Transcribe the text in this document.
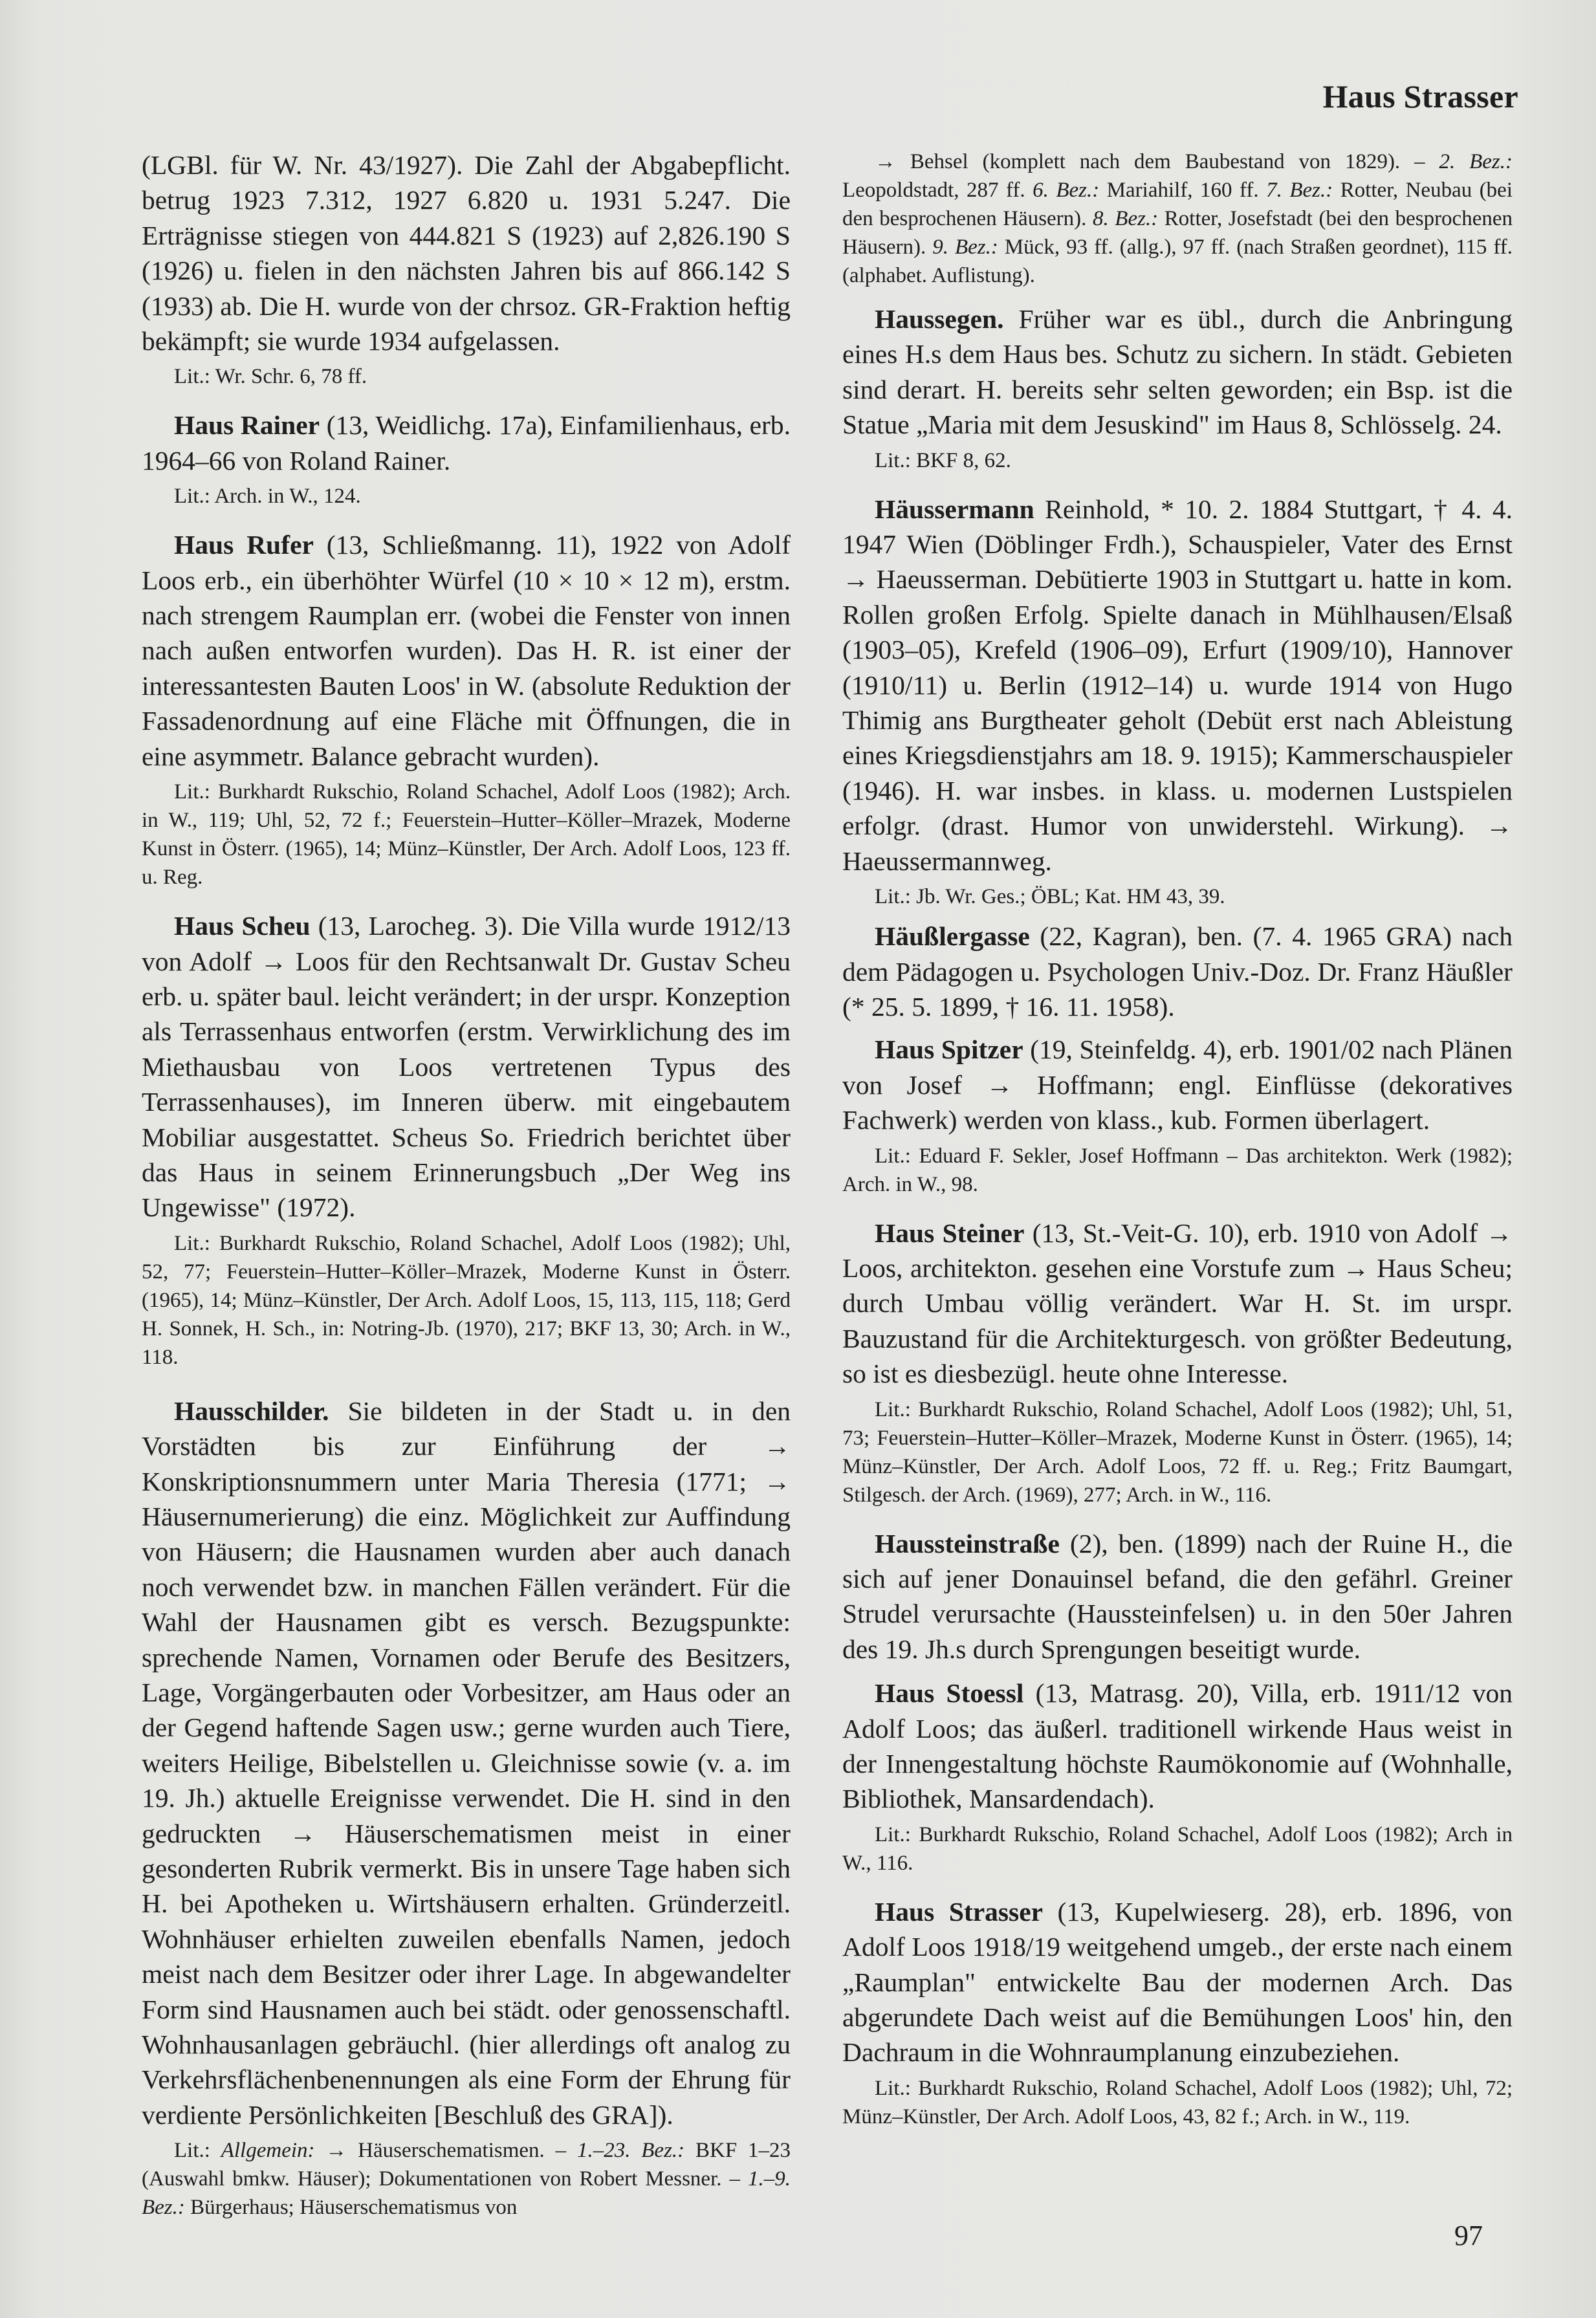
Haus Strasser

(LGBl. für W. Nr. 43/1927). Die Zahl der Abgabepflicht. betrug 1923 7.312, 1927 6.820 u. 1931 5.247. Die Erträgnisse stiegen von 444.821 S (1923) auf 2,826.190 S (1926) u. fielen in den nächsten Jahren bis auf 866.142 S (1933) ab. Die H. wurde von der chrsoz. GR-Fraktion heftig bekämpft; sie wurde 1934 aufgelassen.

Lit.: Wr. Schr. 6, 78 ff.

Haus Rainer (13, Weidlichg. 17a), Einfamilienhaus, erb. 1964–66 von Roland Rainer.

Lit.: Arch. in W., 124.

Haus Rufer (13, Schließmanng. 11), 1922 von Adolf Loos erb., ein überhöhter Würfel (10 × 10 × 12 m), erstm. nach strengem Raumplan err. (wobei die Fenster von innen nach außen entworfen wurden). Das H. R. ist einer der interessantesten Bauten Loos' in W. (absolute Reduktion der Fassadenordnung auf eine Fläche mit Öffnungen, die in eine asymmetr. Balance gebracht wurden).

Lit.: Burkhardt Rukschio, Roland Schachel, Adolf Loos (1982); Arch. in W., 119; Uhl, 52, 72 f.; Feuerstein–Hutter–Köller–Mrazek, Moderne Kunst in Österr. (1965), 14; Münz–Künstler, Der Arch. Adolf Loos, 123 ff. u. Reg.

Haus Scheu (13, Larocheg. 3). Die Villa wurde 1912/13 von Adolf → Loos für den Rechtsanwalt Dr. Gustav Scheu erb. u. später baul. leicht verändert; in der urspr. Konzeption als Terrassenhaus entworfen (erstm. Verwirklichung des im Miethausbau von Loos vertretenen Typus des Terrassenhauses), im Inneren überw. mit eingebautem Mobiliar ausgestattet. Scheus So. Friedrich berichtet über das Haus in seinem Erinnerungsbuch „Der Weg ins Ungewisse" (1972).

Lit.: Burkhardt Rukschio, Roland Schachel, Adolf Loos (1982); Uhl, 52, 77; Feuerstein–Hutter–Köller–Mrazek, Moderne Kunst in Österr. (1965), 14; Münz–Künstler, Der Arch. Adolf Loos, 15, 113, 115, 118; Gerd H. Sonnek, H. Sch., in: Notring-Jb. (1970), 217; BKF 13, 30; Arch. in W., 118.

Hausschilder. Sie bildeten in der Stadt u. in den Vorstädten bis zur Einführung der → Konskriptionsnummern unter Maria Theresia (1771; → Häusernumerierung) die einz. Möglichkeit zur Auffindung von Häusern; die Hausnamen wurden aber auch danach noch verwendet bzw. in manchen Fällen verändert. Für die Wahl der Hausnamen gibt es versch. Bezugspunkte: sprechende Namen, Vornamen oder Berufe des Besitzers, Lage, Vorgängerbauten oder Vorbesitzer, am Haus oder an der Gegend haftende Sagen usw.; gerne wurden auch Tiere, weiters Heilige, Bibelstellen u. Gleichnisse sowie (v. a. im 19. Jh.) aktuelle Ereignisse verwendet. Die H. sind in den gedruckten → Häuserschematismen meist in einer gesonderten Rubrik vermerkt. Bis in unsere Tage haben sich H. bei Apotheken u. Wirtshäusern erhalten. Gründerzeitl. Wohnhäuser erhielten zuweilen ebenfalls Namen, jedoch meist nach dem Besitzer oder ihrer Lage. In abgewandelter Form sind Hausnamen auch bei städt. oder genossenschaftl. Wohnhausanlagen gebräuchl. (hier allerdings oft analog zu Verkehrsflächenbenennungen als eine Form der Ehrung für verdiente Persönlichkeiten [Beschluß des GRA]).

Lit.: Allgemein: → Häuserschematismen. – 1.–23. Bez.: BKF 1–23 (Auswahl bmkw. Häuser); Dokumentationen von Robert Messner. – 1.–9. Bez.: Bürgerhaus; Häuserschematismus von

→ Behsel (komplett nach dem Baubestand von 1829). – 2. Bez.: Leopoldstadt, 287 ff. 6. Bez.: Mariahilf, 160 ff. 7. Bez.: Rotter, Neubau (bei den besprochenen Häusern). 8. Bez.: Rotter, Josefstadt (bei den besprochenen Häusern). 9. Bez.: Mück, 93 ff. (allg.), 97 ff. (nach Straßen geordnet), 115 ff. (alphabet. Auflistung).

Haussegen. Früher war es übl., durch die Anbringung eines H.s dem Haus bes. Schutz zu sichern. In städt. Gebieten sind derart. H. bereits sehr selten geworden; ein Bsp. ist die Statue „Maria mit dem Jesuskind" im Haus 8, Schlösselg. 24.

Lit.: BKF 8, 62.

Häussermann Reinhold, * 10. 2. 1884 Stuttgart, † 4. 4. 1947 Wien (Döblinger Frdh.), Schauspieler, Vater des Ernst → Haeusserman. Debütierte 1903 in Stuttgart u. hatte in kom. Rollen großen Erfolg. Spielte danach in Mühlhausen/Elsaß (1903–05), Krefeld (1906–09), Erfurt (1909/10), Hannover (1910/11) u. Berlin (1912–14) u. wurde 1914 von Hugo Thimig ans Burgtheater geholt (Debüt erst nach Ableistung eines Kriegsdienstjahrs am 18. 9. 1915); Kammerschauspieler (1946). H. war insbes. in klass. u. modernen Lustspielen erfolgr. (drast. Humor von unwiderstehl. Wirkung). → Haeussermannweg.

Lit.: Jb. Wr. Ges.; ÖBL; Kat. HM 43, 39.

Häußlergasse (22, Kagran), ben. (7. 4. 1965 GRA) nach dem Pädagogen u. Psychologen Univ.-Doz. Dr. Franz Häußler (* 25. 5. 1899, † 16. 11. 1958).

Haus Spitzer (19, Steinfeldg. 4), erb. 1901/02 nach Plänen von Josef → Hoffmann; engl. Einflüsse (dekoratives Fachwerk) werden von klass., kub. Formen überlagert.

Lit.: Eduard F. Sekler, Josef Hoffmann – Das architekton. Werk (1982); Arch. in W., 98.

Haus Steiner (13, St.-Veit-G. 10), erb. 1910 von Adolf → Loos, architekton. gesehen eine Vorstufe zum → Haus Scheu; durch Umbau völlig verändert. War H. St. im urspr. Bauzustand für die Architekturgesch. von größter Bedeutung, so ist es diesbezügl. heute ohne Interesse.

Lit.: Burkhardt Rukschio, Roland Schachel, Adolf Loos (1982); Uhl, 51, 73; Feuerstein–Hutter–Köller–Mrazek, Moderne Kunst in Österr. (1965), 14; Münz–Künstler, Der Arch. Adolf Loos, 72 ff. u. Reg.; Fritz Baumgart, Stilgesch. der Arch. (1969), 277; Arch. in W., 116.

Haussteinstraße (2), ben. (1899) nach der Ruine H., die sich auf jener Donauinsel befand, die den gefährl. Greiner Strudel verursachte (Haussteinfelsen) u. in den 50er Jahren des 19. Jh.s durch Sprengungen beseitigt wurde.

Haus Stoessl (13, Matrasg. 20), Villa, erb. 1911/12 von Adolf Loos; das äußerl. traditionell wirkende Haus weist in der Innengestaltung höchste Raumökonomie auf (Wohnhalle, Bibliothek, Mansardendach).

Lit.: Burkhardt Rukschio, Roland Schachel, Adolf Loos (1982); Arch in W., 116.

Haus Strasser (13, Kupelwieserg. 28), erb. 1896, von Adolf Loos 1918/19 weitgehend umgeb., der erste nach einem „Raumplan" entwickelte Bau der modernen Arch. Das abgerundete Dach weist auf die Bemühungen Loos' hin, den Dachraum in die Wohnraumplanung einzubeziehen.

Lit.: Burkhardt Rukschio, Roland Schachel, Adolf Loos (1982); Uhl, 72; Münz–Künstler, Der Arch. Adolf Loos, 43, 82 f.; Arch. in W., 119.

97
